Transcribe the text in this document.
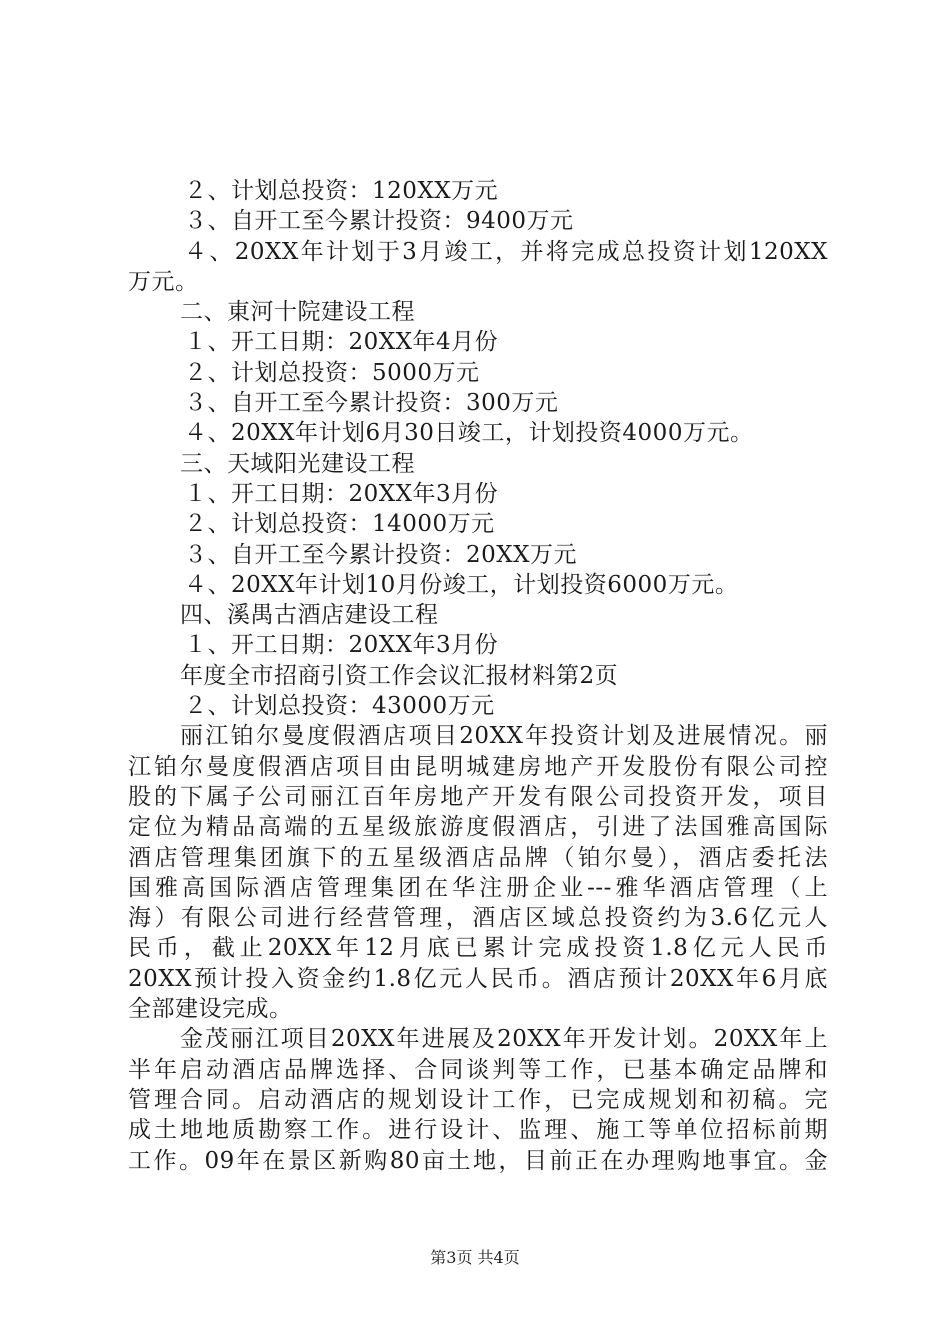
２、计划总投资：120XX万元
３、自开工至今累计投资：9400万元
４、20XX年计划于3月竣工，并将完成总投资计划120XX
万元。
二、東河十院建设工程
１、开工日期：20XX年4月份
２、计划总投资：5000万元
３、自开工至今累计投资：300万元
４、20XX年计划6月30日竣工，计划投资4000万元。
三、天域阳光建设工程
１、开工日期：20XX年3月份
２、计划总投资：14000万元
３、自开工至今累计投资：20XX万元
４、20XX年计划10月份竣工，计划投资6000万元。
四、溪禺古酒店建设工程
１、开工日期：20XX年3月份
年度全市招商引资工作会议汇报材料第2页
２、计划总投资：43000万元
丽江铂尔曼度假酒店项目20XX年投资计划及进展情况。丽
江铂尔曼度假酒店项目由昆明城建房地产开发股份有限公司控
股的下属子公司丽江百年房地产开发有限公司投资开发，项目
定位为精品高端的五星级旅游度假酒店，引进了法国雅高国际
酒店管理集团旗下的五星级酒店品牌（铂尔曼），酒店委托法
国雅高国际酒店管理集团在华注册企业---雅华酒店管理（上
海）有限公司进行经营管理，酒店区域总投资约为3.6亿元人
民币，截止20XX年12月底已累计完成投资1.8亿元人民币
20XX预计投入资金约1.8亿元人民币。酒店预计20XX年6月底
全部建设完成。
金茂丽江项目20XX年进展及20XX年开发计划。20XX年上
半年启动酒店品牌选择、合同谈判等工作，已基本确定品牌和
管理合同。启动酒店的规划设计工作，已完成规划和初稿。完
成土地地质勘察工作。进行设计、监理、施工等单位招标前期
工作。09年在景区新购80亩土地，目前正在办理购地事宜。金
第3页 共4页
